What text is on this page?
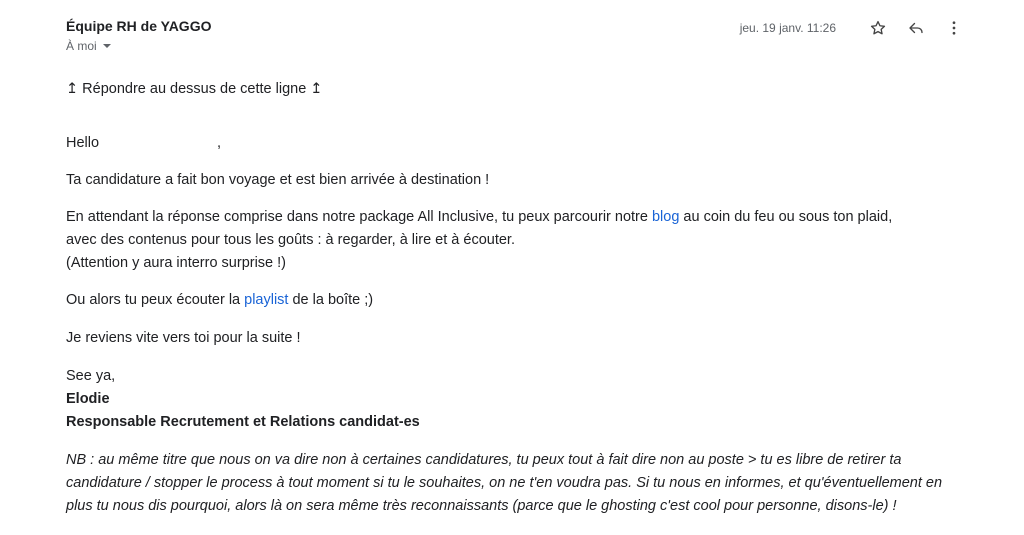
Équipe RH de YAGGO
À moi
jeu. 19 janv. 11:26

↥ Répondre au dessus de cette ligne ↥

Hello	,

Ta candidature a fait bon voyage et est bien arrivée à destination !

En attendant la réponse comprise dans notre package All Inclusive, tu peux parcourir notre blog au coin du feu ou sous ton plaid,
avec des contenus pour tous les goûts : à regarder, à lire et à écouter.
(Attention y aura interro surprise !)

Ou alors tu peux écouter la playlist de la boîte ;)

Je reviens vite vers toi pour la suite !

See ya,
Elodie
Responsable Recrutement et Relations candidat-es

NB : au même titre que nous on va dire non à certaines candidatures, tu peux tout à fait dire non au poste > tu es libre de retirer ta candidature / stopper le process à tout moment si tu le souhaites, on ne t'en voudra pas. Si tu nous en informes, et qu'éventuellement en plus tu nous dis pourquoi, alors là on sera même très reconnaissants (parce que le ghosting c'est cool pour personne, disons-le) !
